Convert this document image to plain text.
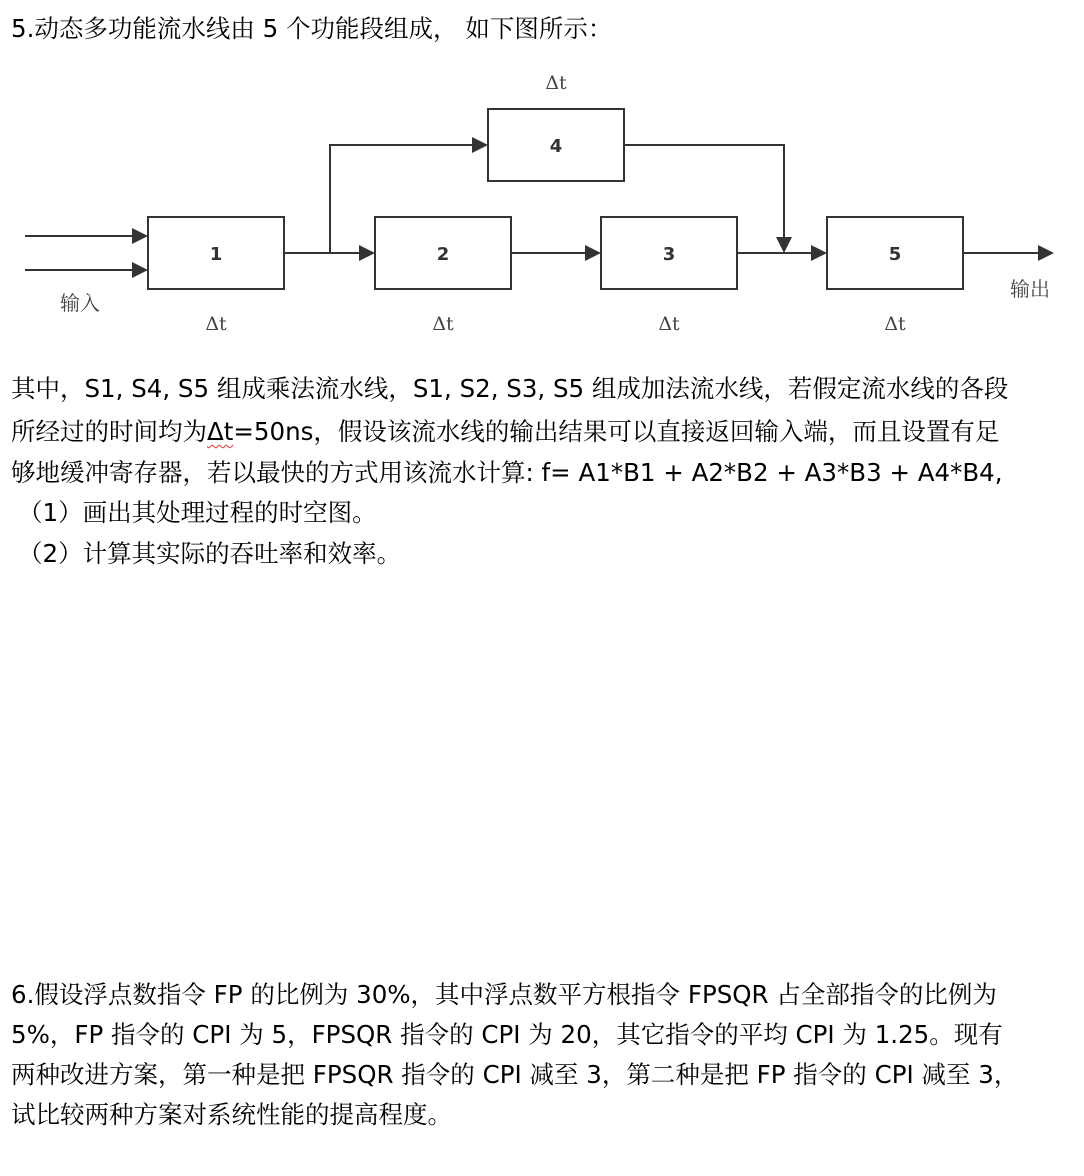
5.动态多功能流水线由 5 个功能段组成， 如下图所示：
1	2	3
4
5
Δt
Δt	Δt	Δt	Δt
输入
输出
其中，S1, S4, S5 组成乘法流水线，S1, S2, S3, S5 组成加法流水线，若假定流水线的各段
所经过的时间均为Δt=50ns，假设该流水线的输出结果可以直接返回输入端，而且设置有足
够地缓冲寄存器，若以最快的方式用该流水计算: f= A1*B1 + A2*B2 + A3*B3 + A4*B4,
（1）画出其处理过程的时空图。
（2）计算其实际的吞吐率和效率。
6.假设浮点数指令 FP 的比例为 30%，其中浮点数平方根指令 FPSQR 占全部指令的比例为
5%，FP 指令的 CPI 为 5，FPSQR 指令的 CPI 为 20，其它指令的平均 CPI 为 1.25。现有
两种改进方案，第一种是把 FPSQR 指令的 CPI 减至 3，第二种是把 FP 指令的 CPI 减至 3，
试比较两种方案对系统性能的提高程度。
